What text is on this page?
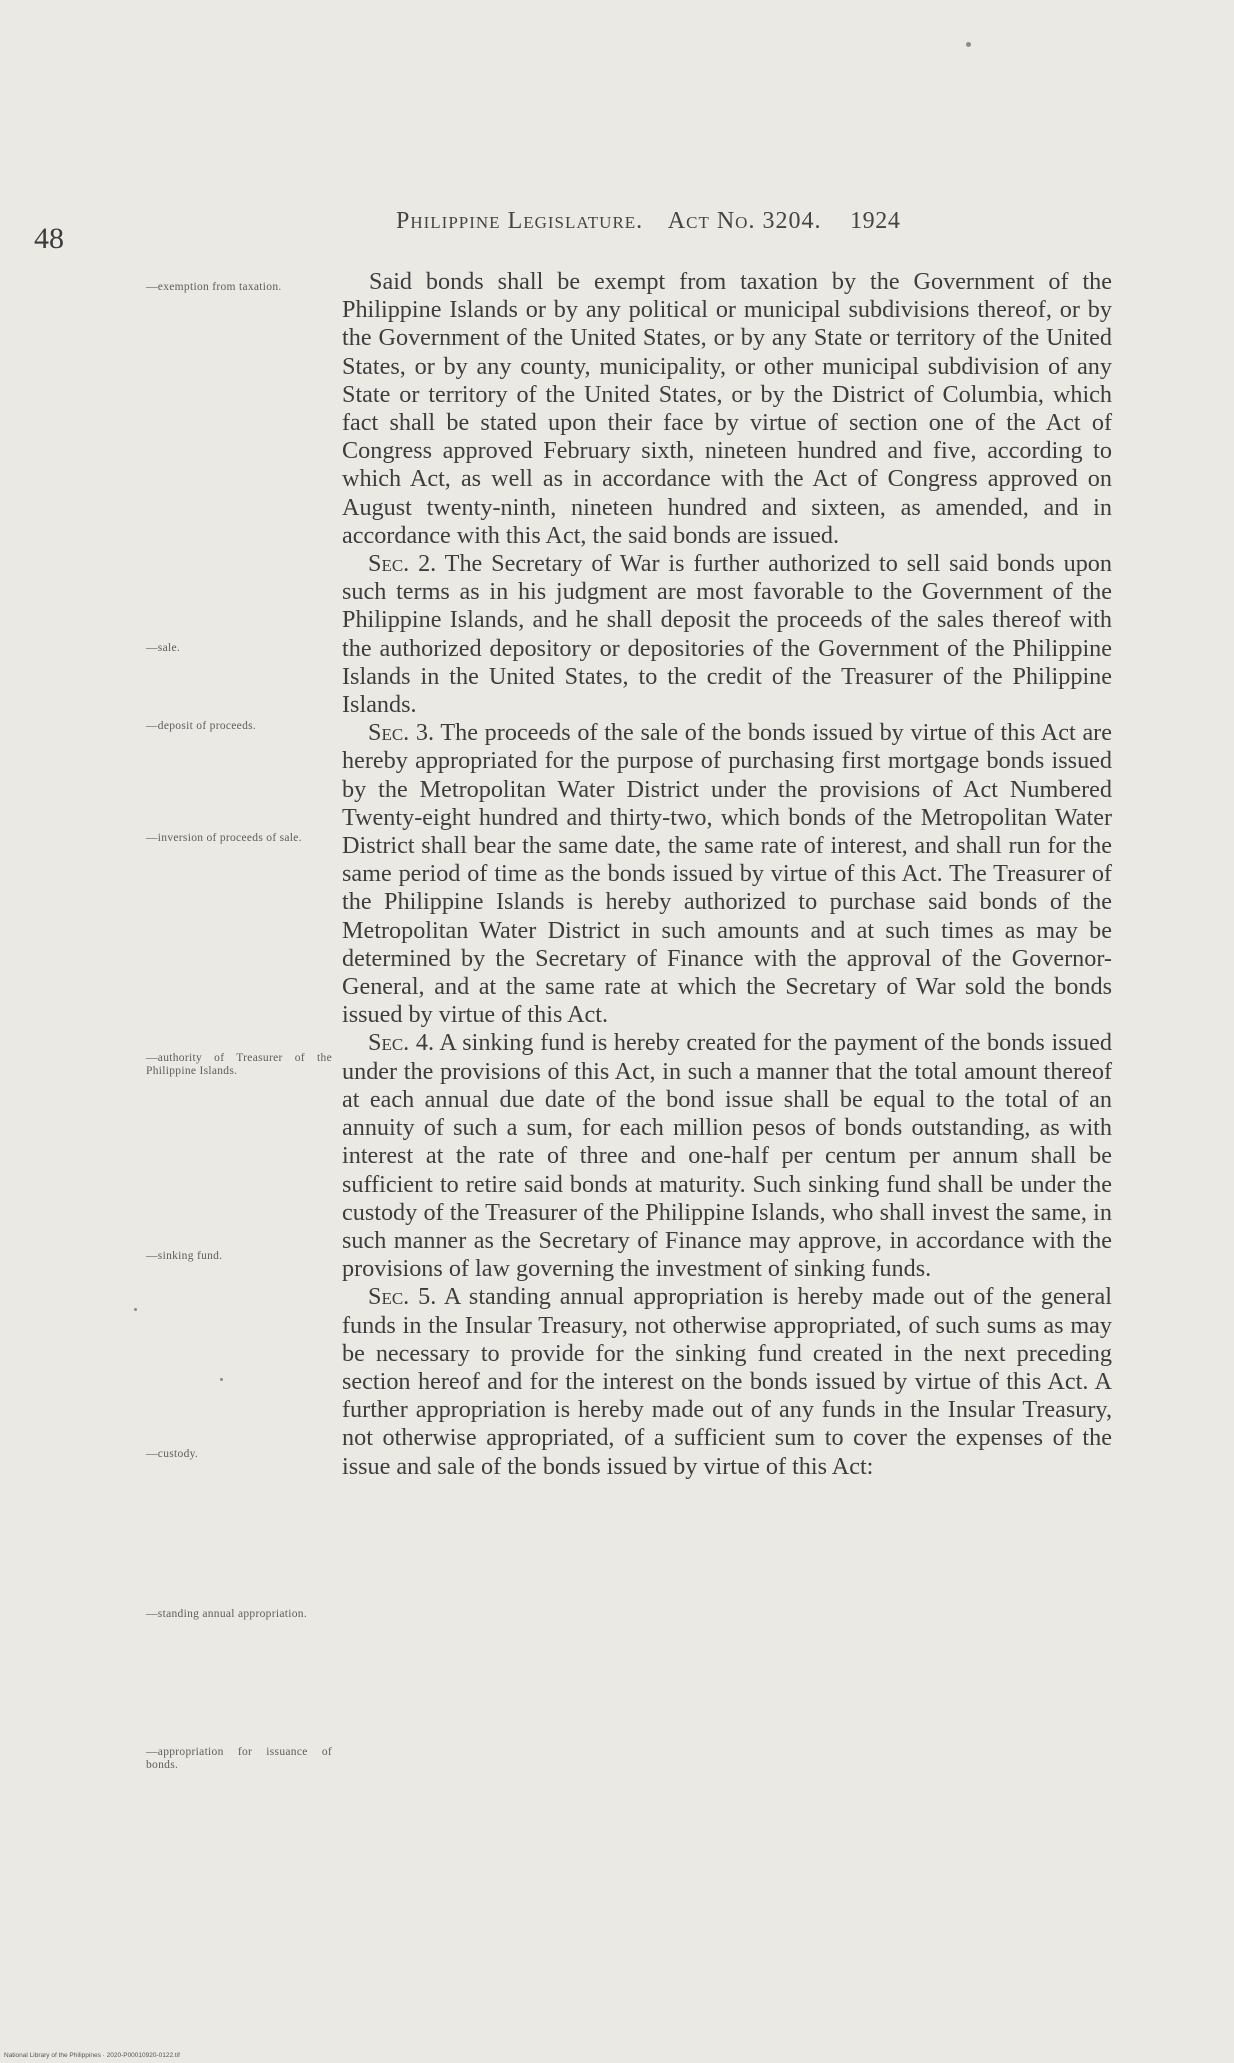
48
Philippine Legislature. Act No. 3204. 1924
—exemption from taxation.
—sale.
—deposit of proceeds.
—inversion of proceeds of sale.
—authority of Treasurer of the Philippine Islands.
—sinking fund.
—custody.
—standing annual appropriation.
—appropriation for issuance of bonds.

Said bonds shall be exempt from taxation by the Government of the Philippine Islands or by any political or municipal subdivisions thereof, or by the Government of the United States, or by any State or territory of the United States, or by any county, municipality, or other municipal subdivision of any State or territory of the United States, or by the District of Columbia, which fact shall be stated upon their face by virtue of section one of the Act of Congress approved February sixth, nineteen hundred and five, according to which Act, as well as in accordance with the Act of Congress approved on August twenty-ninth, nineteen hundred and sixteen, as amended, and in accordance with this Act, the said bonds are issued.

Sec. 2. The Secretary of War is further authorized to sell said bonds upon such terms as in his judgment are most favorable to the Government of the Philippine Islands, and he shall deposit the proceeds of the sales thereof with the authorized depository or depositories of the Government of the Philippine Islands in the United States, to the credit of the Treasurer of the Philippine Islands.

Sec. 3. The proceeds of the sale of the bonds issued by virtue of this Act are hereby appropriated for the purpose of purchasing first mortgage bonds issued by the Metropolitan Water District under the provisions of Act Numbered Twenty-eight hundred and thirty-two, which bonds of the Metropolitan Water District shall bear the same date, the same rate of interest, and shall run for the same period of time as the bonds issued by virtue of this Act. The Treasurer of the Philippine Islands is hereby authorized to purchase said bonds of the Metropolitan Water District in such amounts and at such times as may be determined by the Secretary of Finance with the approval of the Governor-General, and at the same rate at which the Secretary of War sold the bonds issued by virtue of this Act.

Sec. 4. A sinking fund is hereby created for the payment of the bonds issued under the provisions of this Act, in such a manner that the total amount thereof at each annual due date of the bond issue shall be equal to the total of an annuity of such a sum, for each million pesos of bonds outstanding, as with interest at the rate of three and one-half per centum per annum shall be sufficient to retire said bonds at maturity. Such sinking fund shall be under the custody of the Treasurer of the Philippine Islands, who shall invest the same, in such manner as the Secretary of Finance may approve, in accordance with the provisions of law governing the investment of sinking funds.

Sec. 5. A standing annual appropriation is hereby made out of the general funds in the Insular Treasury, not otherwise appropriated, of such sums as may be necessary to provide for the sinking fund created in the next preceding section hereof and for the interest on the bonds issued by virtue of this Act. A further appropriation is hereby made out of any funds in the Insular Treasury, not otherwise appropriated, of a sufficient sum to cover the expenses of the issue and sale of the bonds issued by virtue of this Act:

National Library of the Philippines · 2020-P00010920-0122.tif
